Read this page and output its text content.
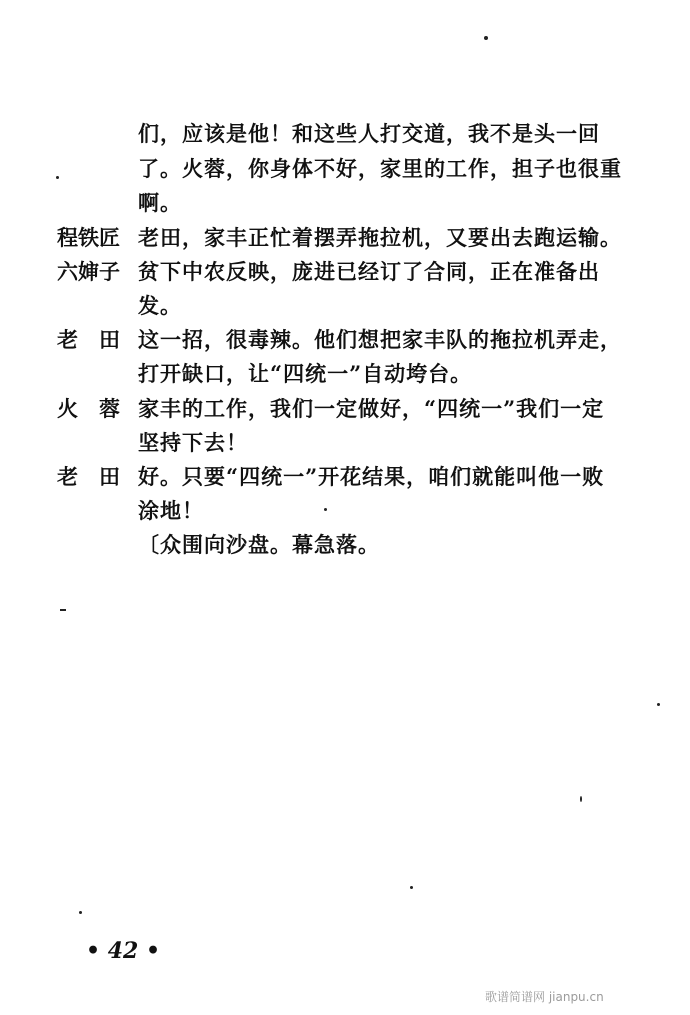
们，应该是他！和这些人打交道，我不是头一回
了。火蓉，你身体不好，家里的工作，担子也很重
啊。
程铁匠 老田，家丰正忙着摆弄拖拉机，又要出去跑运输。
六婶子 贫下中农反映，庞进已经订了合同，正在准备出
发。
老　田 这一招，很毒辣。他们想把家丰队的拖拉机弄走，
打开缺口，让“四统一”自动垮台。
火　蓉 家丰的工作，我们一定做好，“四统一”我们一定
坚持下去！
老　田 好。只要“四统一”开花结果，咱们就能叫他一败
涂地！
〔众围向沙盘。幕急落。
• 42 •
歌谱简谱网 jianpu.cn
